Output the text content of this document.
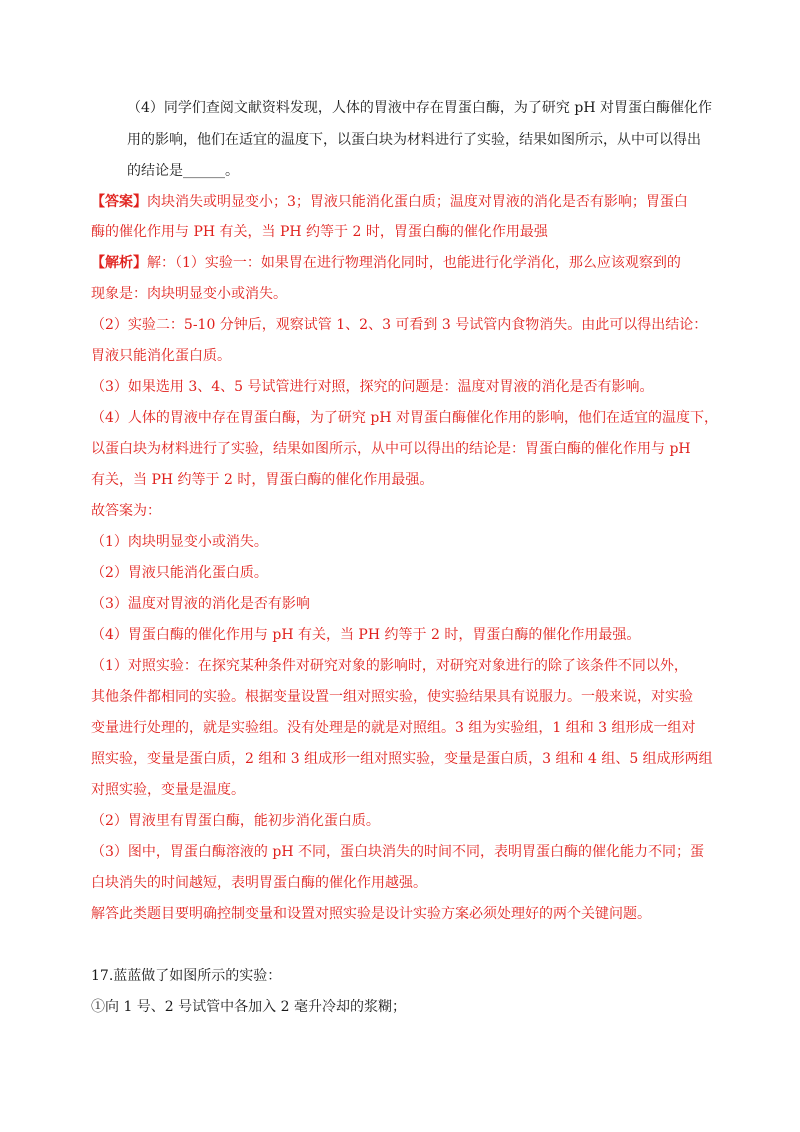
（4）同学们查阅文献资料发现，人体的胃液中存在胃蛋白酶，为了研究 pH 对胃蛋白酶催化作
用的影响，他们在适宜的温度下，以蛋白块为材料进行了实验，结果如图所示，从中可以得出
的结论是______。
【答案】肉块消失或明显变小；3；胃液只能消化蛋白质；温度对胃液的消化是否有影响；胃蛋白
酶的催化作用与 PH 有关，当 PH 约等于 2 时，胃蛋白酶的催化作用最强
【解析】解：（1）实验一：如果胃在进行物理消化同时，也能进行化学消化，那么应该观察到的
现象是：肉块明显变小或消失。
（2）实验二：5-10 分钟后，观察试管 1、2、3 可看到 3 号试管内食物消失。由此可以得出结论：
胃液只能消化蛋白质。
（3）如果选用 3、4、5 号试管进行对照，探究的问题是：温度对胃液的消化是否有影响。
（4）人体的胃液中存在胃蛋白酶，为了研究 pH 对胃蛋白酶催化作用的影响，他们在适宜的温度下，
以蛋白块为材料进行了实验，结果如图所示，从中可以得出的结论是：胃蛋白酶的催化作用与 pH
有关，当 PH 约等于 2 时，胃蛋白酶的催化作用最强。
故答案为：
（1）肉块明显变小或消失。
（2）胃液只能消化蛋白质。
（3）温度对胃液的消化是否有影响
（4）胃蛋白酶的催化作用与 pH 有关，当 PH 约等于 2 时，胃蛋白酶的催化作用最强。
（1）对照实验：在探究某种条件对研究对象的影响时，对研究对象进行的除了该条件不同以外，
其他条件都相同的实验。根据变量设置一组对照实验，使实验结果具有说服力。一般来说，对实验
变量进行处理的，就是实验组。没有处理是的就是对照组。3 组为实验组，1 组和 3 组形成一组对
照实验，变量是蛋白质，2 组和 3 组成形一组对照实验，变量是蛋白质，3 组和 4 组、5 组成形两组
对照实验，变量是温度。
（2）胃液里有胃蛋白酶，能初步消化蛋白质。
（3）图中，胃蛋白酶溶液的 pH 不同，蛋白块消失的时间不同，表明胃蛋白酶的催化能力不同；蛋
白块消失的时间越短，表明胃蛋白酶的催化作用越强。
解答此类题目要明确控制变量和设置对照实验是设计实验方案必须处理好的两个关键问题。
17.蓝蓝做了如图所示的实验：
①向 1 号、2 号试管中各加入 2 毫升冷却的浆糊；
